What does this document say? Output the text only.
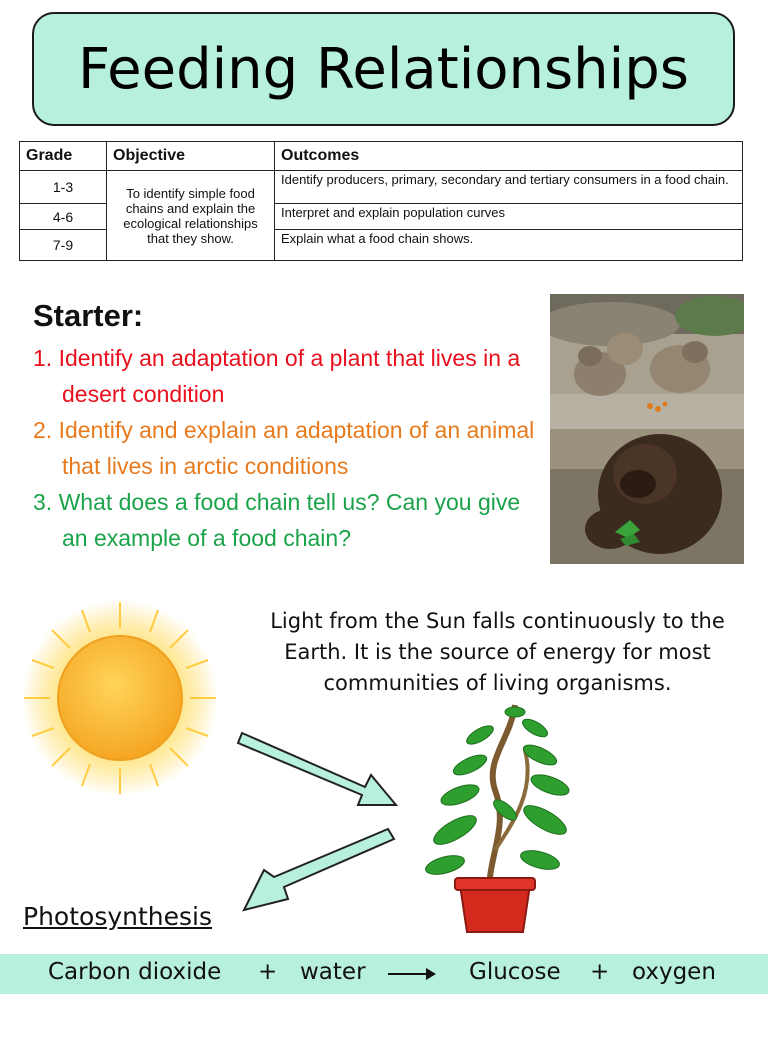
Feeding Relationships
Grade	Objective	Outcomes
1-3	To identify simple food chains and explain the ecological relationships that they show.	Identify producers, primary, secondary and tertiary consumers in a food chain.
4-6		Interpret and explain population curves
7-9		Explain what a food chain shows.
Starter:
1. Identify an adaptation of a plant that lives in a desert condition
2. Identify and explain an adaptation of an animal that lives in arctic conditions
3. What does a food chain tell us? Can you give an example of a food chain?
Light from the Sun falls continuously to the Earth. It is the source of energy for most communities of living organisms.
Photosynthesis
Carbon dioxide + water	Glucose + oxygen
